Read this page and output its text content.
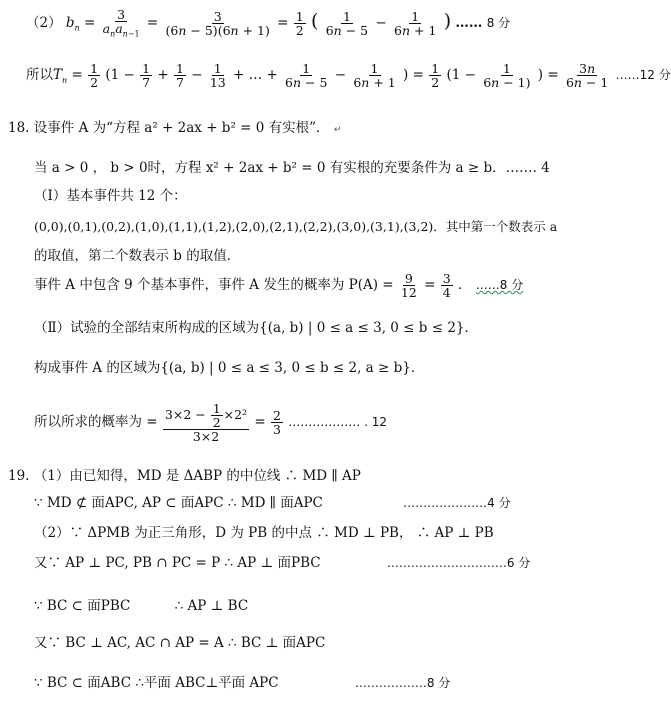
（2） $b_n = \frac{3}{a_na_{n-1}} = \frac{3}{(6n - 5)(6n + 1)} = \frac{1}{2}$ ( $\frac{1}{6n - 5} - \frac{1}{6n + 1}$ ) …… 8 分
所以$T_n = \frac{1}{2} (1 - \frac{1}{7} + \frac{1}{7} - \frac{1}{13}$ + … + $\frac{1}{6n - 5} - \frac{1}{6n + 1}$ ) = $\frac{1}{2} (1 - \frac{1}{6n - 1)}$ ) = $\frac{3n}{6n - 1}$ ……12 分
18. 设事件 A 为“方程 a² + 2ax + b² = 0 有实根”． ↵
当 a > 0 ， b > 0时，方程 x² + 2ax + b² = 0 有实根的充要条件为 a ≥ b．……. 4
（Ⅰ）基本事件共 12 个：
(0,0),(0,1),(0,2),(1,0),(1,1),(1,2),(2,0),(2,1),(2,2),(3,0),(3,1),(3,2)．其中第一个数表示 a
的取值，第二个数表示 b 的取值．
事件 A 中包含 9 个基本事件，事件 A 发生的概率为 $P(A) = \frac{9}{12} = \frac{3}{4}$ ． ……8 分
（Ⅱ）试验的全部结束所构成的区域为{(a, b) | 0 ≤ a ≤ 3, 0 ≤ b ≤ 2}．
构成事件 A 的区域为{(a, b) | 0 ≤ a ≤ 3, 0 ≤ b ≤ 2, a ≥ b}．
所以所求的概率为 = $\frac{3\times 2 - \frac{1}{2} \times 2^2}{3\times 2} = \frac{2}{3}$ ……………… . 12
19. （1）由已知得，MD 是 ΔABP 的中位线 ∴ MD ∥ AP
∵ MD ⊄ 面APC, AP ⊂ 面APC ∴ MD ∥ 面APC	…………………4 分
（2）∵ ΔPMB 为正三角形，D 为 PB 的中点 ∴ MD ⊥ PB， ∴ AP ⊥ PB
又∵ AP ⊥ PC, PB ∩ PC = P ∴ AP ⊥ 面PBC	…………………………6 分
∵ BC ⊂ 面PBC	∴ AP ⊥ BC
又∵ BC ⊥ AC, AC ∩ AP = A ∴ BC ⊥ 面APC
∵ BC ⊂ 面ABC ∴平面 ABC⊥平面 APC	………………8 分
